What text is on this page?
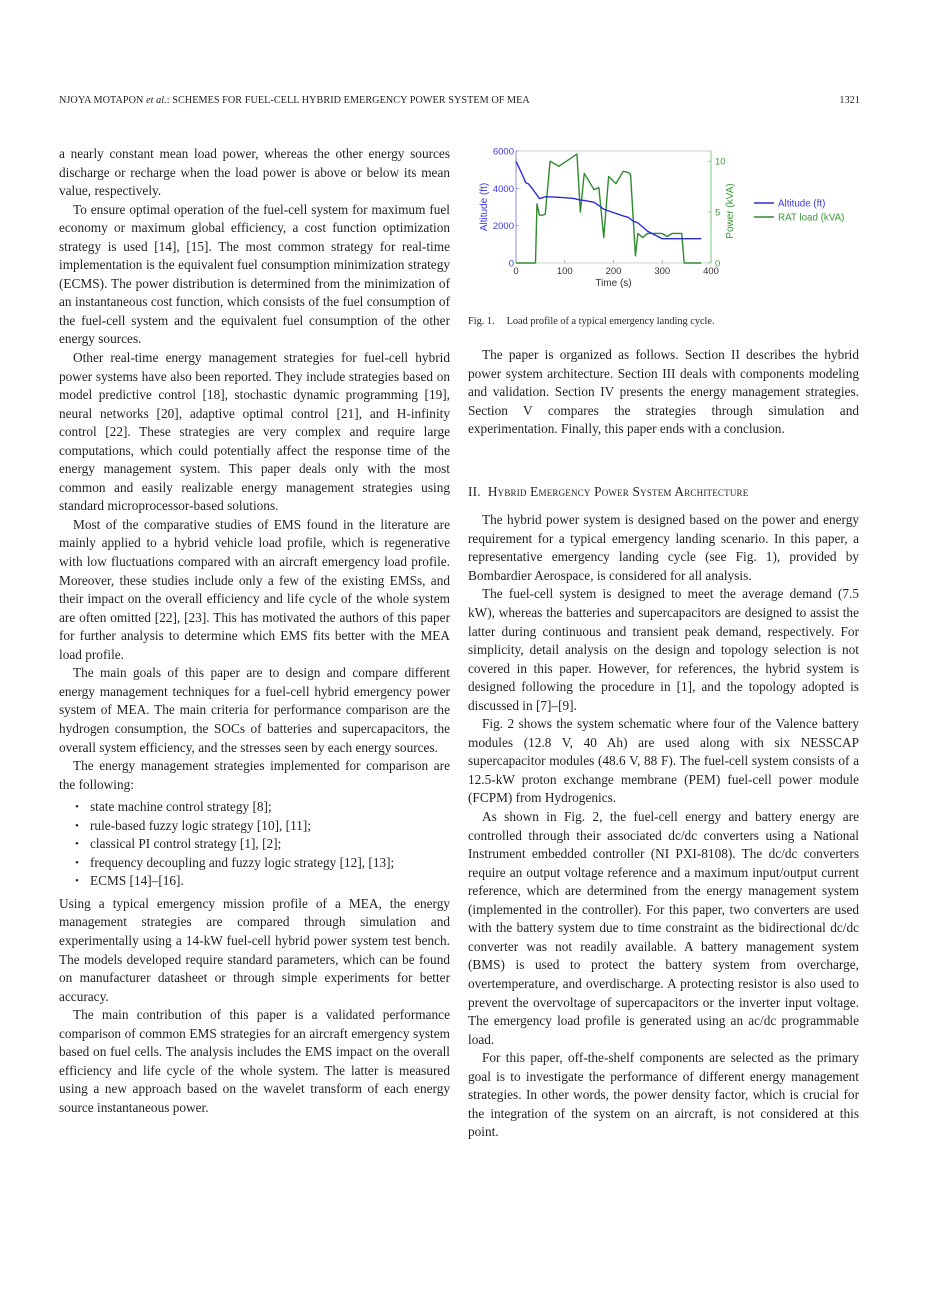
NJOYA MOTAPON et al.: SCHEMES FOR FUEL-CELL HYBRID EMERGENCY POWER SYSTEM OF MEA	1321

a nearly constant mean load power, whereas the other energy sources discharge or recharge when the load power is above or below its mean value, respectively.

To ensure optimal operation of the fuel-cell system for maximum fuel economy or maximum global efficiency, a cost function optimization strategy is used [14], [15]. The most common strategy for real-time implementation is the equivalent fuel consumption minimization strategy (ECMS). The power distribution is determined from the minimization of an instantaneous cost function, which consists of the fuel consumption of the fuel-cell system and the equivalent fuel consumption of the other energy sources.

Other real-time energy management strategies for fuel-cell hybrid power systems have also been reported. They include strategies based on model predictive control [18], stochastic dynamic programming [19], neural networks [20], adaptive optimal control [21], and H-infinity control [22]. These strategies are very complex and require large computations, which could potentially affect the response time of the energy management system. This paper deals only with the most common and easily realizable energy management strategies using standard microprocessor-based solutions.

Most of the comparative studies of EMS found in the literature are mainly applied to a hybrid vehicle load profile, which is regenerative with low fluctuations compared with an aircraft emergency load profile. Moreover, these studies include only a few of the existing EMSs, and their impact on the overall efficiency and life cycle of the whole system are often omitted [22], [23]. This has motivated the authors of this paper for further analysis to determine which EMS fits better with the MEA load profile.

The main goals of this paper are to design and compare different energy management techniques for a fuel-cell hybrid emergency power system of MEA. The main criteria for performance comparison are the hydrogen consumption, the SOCs of batteries and supercapacitors, the overall system efficiency, and the stresses seen by each energy sources.

The energy management strategies implemented for comparison are the following:

• state machine control strategy [8];
• rule-based fuzzy logic strategy [10], [11];
• classical PI control strategy [1], [2];
• frequency decoupling and fuzzy logic strategy [12], [13];
• ECMS [14]–[16].

Using a typical emergency mission profile of a MEA, the energy management strategies are compared through simulation and experimentally using a 14-kW fuel-cell hybrid power system test bench. The models developed require standard parameters, which can be found on manufacturer datasheet or through simple experiments for better accuracy.

The main contribution of this paper is a validated performance comparison of common EMS strategies for an aircraft emergency system based on fuel cells. The analysis includes the EMS impact on the overall efficiency and life cycle of the whole system. The latter is measured using a new approach based on the wavelet transform of each energy source instantaneous power.

0	100	200	300	400
0
2000
4000
6000
0
5
10
Altitude (ft)
RAT load (kVA)
Time (s)
Altitude (ft)	Power (kVA)
Fig. 1. Load profile of a typical emergency landing cycle.

The paper is organized as follows. Section II describes the hybrid power system architecture. Section III deals with components modeling and validation. Section IV presents the energy management strategies. Section V compares the strategies through simulation and experimentation. Finally, this paper ends with a conclusion.

II. Hybrid Emergency Power System Architecture

The hybrid power system is designed based on the power and energy requirement for a typical emergency landing scenario. In this paper, a representative emergency landing cycle (see Fig. 1), provided by Bombardier Aerospace, is considered for all analysis.

The fuel-cell system is designed to meet the average demand (7.5 kW), whereas the batteries and supercapacitors are designed to assist the latter during continuous and transient peak demand, respectively. For simplicity, detail analysis on the design and topology selection is not covered in this paper. However, for references, the hybrid system is designed following the procedure in [1], and the topology adopted is discussed in [7]–[9].

Fig. 2 shows the system schematic where four of the Valence battery modules (12.8 V, 40 Ah) are used along with six NESSCAP supercapacitor modules (48.6 V, 88 F). The fuel-cell system consists of a 12.5-kW proton exchange membrane (PEM) fuel-cell power module (FCPM) from Hydrogenics.

As shown in Fig. 2, the fuel-cell energy and battery energy are controlled through their associated dc/dc converters using a National Instrument embedded controller (NI PXI-8108). The dc/dc converters require an output voltage reference and a maximum input/output current reference, which are determined from the energy management system (implemented in the controller). For this paper, two converters are used with the battery system due to time constraint as the bidirectional dc/dc converter was not readily available. A battery management system (BMS) is used to protect the battery system from overcharge, overtemperature, and overdischarge. A protecting resistor is also used to prevent the overvoltage of supercapacitors or the inverter input voltage. The emergency load profile is generated using an ac/dc programmable load.

For this paper, off-the-shelf components are selected as the primary goal is to investigate the performance of different energy management strategies. In other words, the power density factor, which is crucial for the integration of the system on an aircraft, is not considered at this point.
